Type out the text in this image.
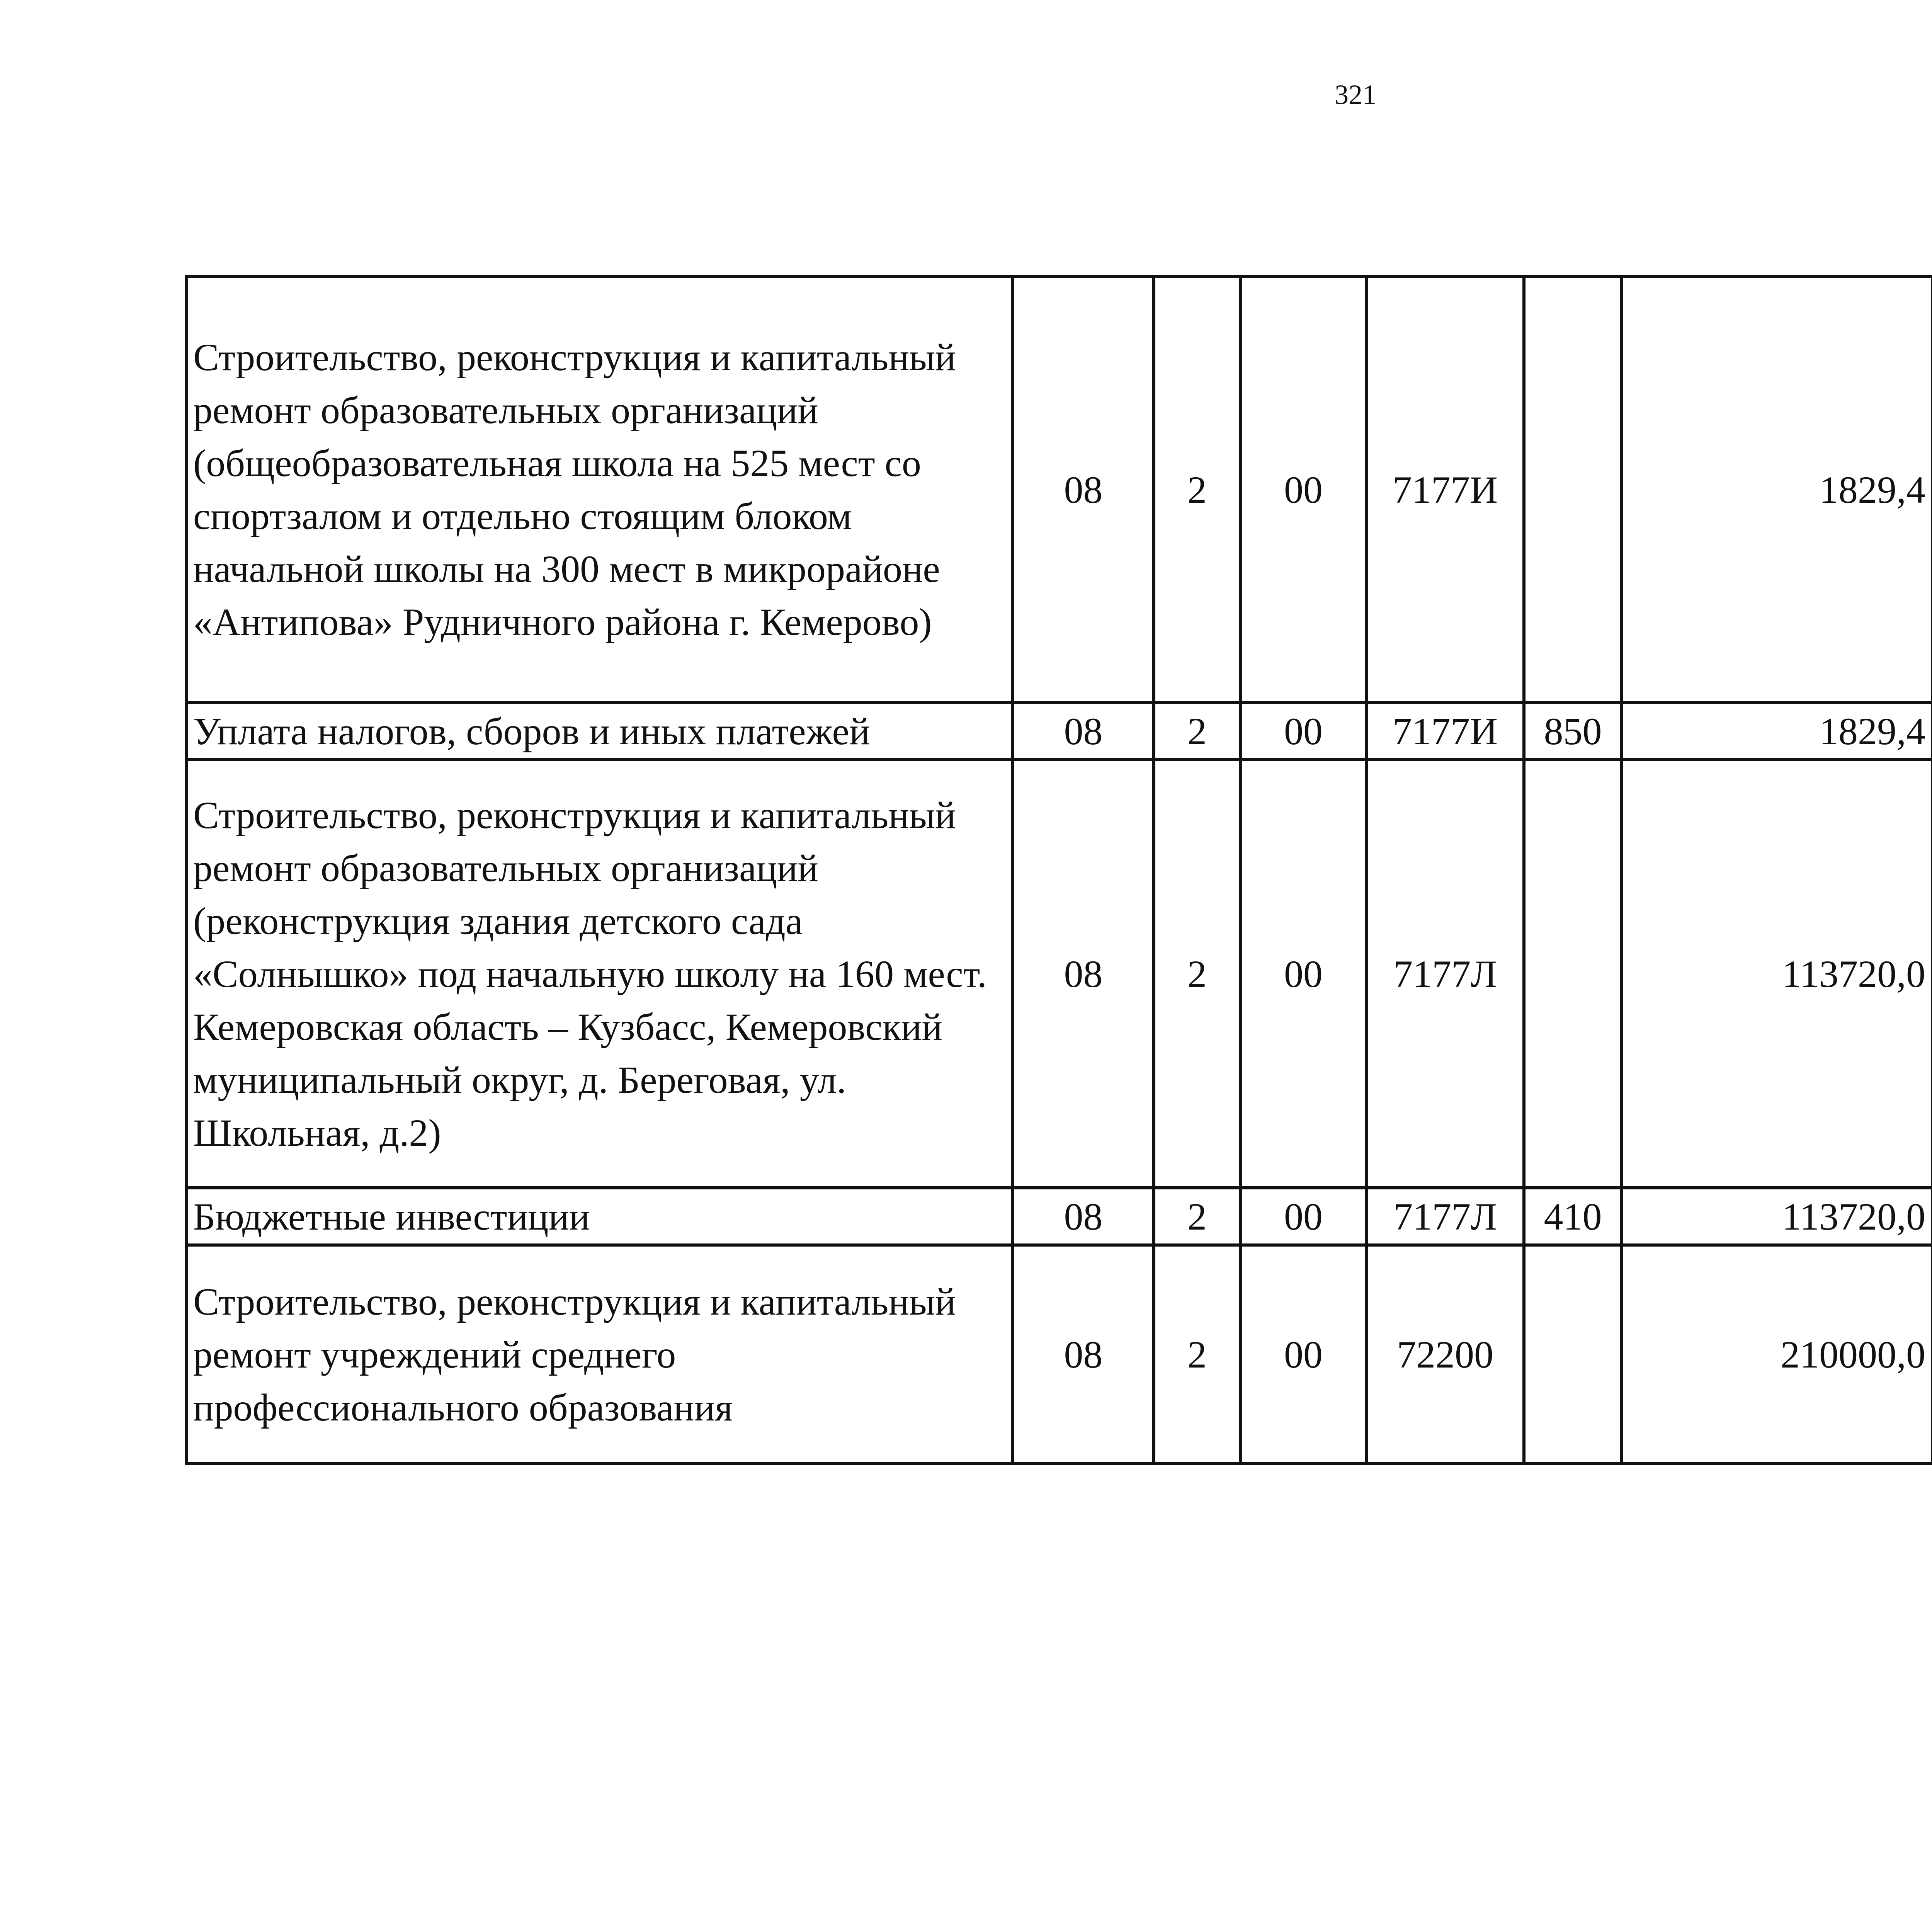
321
Строительство, реконструкция и капитальный ремонт образовательных организаций (общеобразовательная школа на 525 мест со спортзалом и отдельно стоящим блоком начальной школы на 300 мест в микрорайоне «Антипова» Рудничного района г. Кемерово)	08	2	00	7177И		1829,4		

Уплата налогов, сборов и иных платежей	08	2	00	7177И	850	1829,4		

Строительство, реконструкция и капитальный ремонт образовательных организаций (реконструкция здания детского сада «Солнышко» под начальную школу на 160 мест. Кемеровская область – Кузбасс, Кемеровский муниципальный округ, д. Береговая, ул. Школьная, д.2)	08	2	00	7177Л		113720,0		

Бюджетные инвестиции	08	2	00	7177Л	410	113720,0		

Строительство, реконструкция и капитальный ремонт учреждений среднего профессионального образования	08	2	00	72200		210000,0		
